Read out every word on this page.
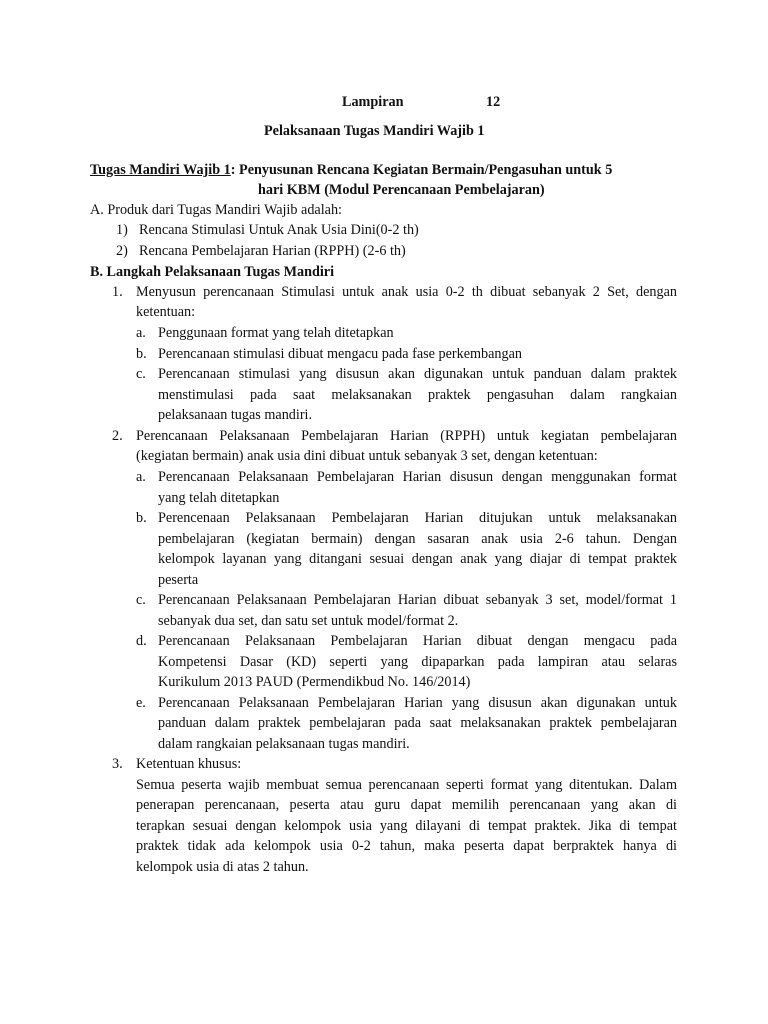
Lampiran	12
Pelaksanaan Tugas Mandiri Wajib 1
Tugas Mandiri Wajib 1: Penyusunan Rencana Kegiatan Bermain/Pengasuhan untuk 5
hari KBM (Modul Perencanaan Pembelajaran)
A. Produk dari Tugas Mandiri Wajib adalah:
1) Rencana Stimulasi Untuk Anak Usia Dini(0-2 th)
2) Rencana Pembelajaran Harian (RPPH) (2-6 th)
B. Langkah Pelaksanaan Tugas Mandiri
1. Menyusun perencanaan Stimulasi untuk anak usia 0-2 th dibuat sebanyak 2 Set, dengan
ketentuan:
a. Penggunaan format yang telah ditetapkan
b. Perencanaan stimulasi dibuat mengacu pada fase perkembangan
c. Perencanaan stimulasi yang disusun akan digunakan untuk panduan dalam praktek
menstimulasi pada saat melaksanakan praktek pengasuhan dalam rangkaian
pelaksanaan tugas mandiri.
2. Perencanaan Pelaksanaan Pembelajaran Harian (RPPH) untuk kegiatan pembelajaran
(kegiatan bermain) anak usia dini dibuat untuk sebanyak 3 set, dengan ketentuan:
a. Perencanaan Pelaksanaan Pembelajaran Harian disusun dengan menggunakan format
yang telah ditetapkan
b. Perencenaan Pelaksanaan Pembelajaran Harian ditujukan untuk melaksanakan
pembelajaran (kegiatan bermain) dengan sasaran anak usia 2-6 tahun. Dengan
kelompok layanan yang ditangani sesuai dengan anak yang diajar di tempat praktek
peserta
c. Perencanaan Pelaksanaan Pembelajaran Harian dibuat sebanyak 3 set, model/format 1
sebanyak dua set, dan satu set untuk model/format 2.
d. Perencanaan Pelaksanaan Pembelajaran Harian dibuat dengan mengacu pada
Kompetensi Dasar (KD) seperti yang dipaparkan pada lampiran atau selaras
Kurikulum 2013 PAUD (Permendikbud No. 146/2014)
e. Perencanaan Pelaksanaan Pembelajaran Harian yang disusun akan digunakan untuk
panduan dalam praktek pembelajaran pada saat melaksanakan praktek pembelajaran
dalam rangkaian pelaksanaan tugas mandiri.
3. Ketentuan khusus:
Semua peserta wajib membuat semua perencanaan seperti format yang ditentukan. Dalam
penerapan perencanaan, peserta atau guru dapat memilih perencanaan yang akan di
terapkan sesuai dengan kelompok usia yang dilayani di tempat praktek. Jika di tempat
praktek tidak ada kelompok usia 0-2 tahun, maka peserta dapat berpraktek hanya di
kelompok usia di atas 2 tahun.
